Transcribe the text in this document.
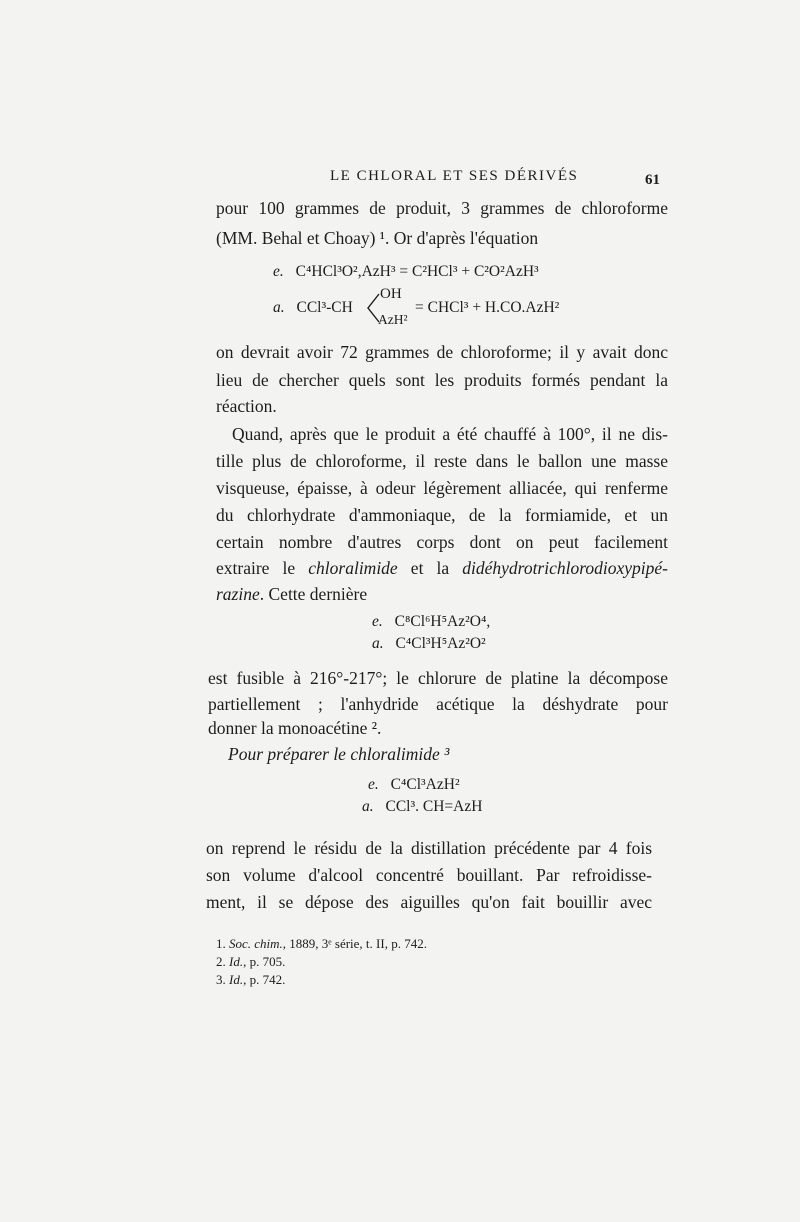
LE CHLORAL ET SES DÉRIVÉS	61
pour 100 grammes de produit, 3 grammes de chloroforme
(MM. Behal et Choay) ¹. Or d'après l'équation
e. C⁴HCl³O²,AzH³ = C²HCl³ + C²O²AzH³
a. CCl³-CH
OH
AzH²
= CHCl³ + H.CO.AzH²
on devrait avoir 72 grammes de chloroforme; il y avait donc
lieu de chercher quels sont les produits formés pendant la
réaction.
Quand, après que le produit a été chauffé à 100°, il ne dis-
tille plus de chloroforme, il reste dans le ballon une masse
visqueuse, épaisse, à odeur légèrement alliacée, qui renferme
du chlorhydrate d'ammoniaque, de la formiamide, et un
certain nombre d'autres corps dont on peut facilement
extraire le chloralimide et la didéhydrotrichlorodioxypipé-
razine. Cette dernière
e. C⁸Cl⁶H⁵Az²O⁴,
a. C⁴Cl³H⁵Az²O²
est fusible à 216°-217°; le chlorure de platine la décompose
partiellement ; l'anhydride acétique la déshydrate pour
donner la monoacétine ².
Pour préparer le chloralimide ³
e. C⁴Cl³AzH²
a. CCl³. CH=AzH
on reprend le résidu de la distillation précédente par 4 fois
son volume d'alcool concentré bouillant. Par refroidisse-
ment, il se dépose des aiguilles qu'on fait bouillir avec
1. Soc. chim., 1889, 3ᵉ série, t. II, p. 742.
2. Id., p. 705.
3. Id., p. 742.
